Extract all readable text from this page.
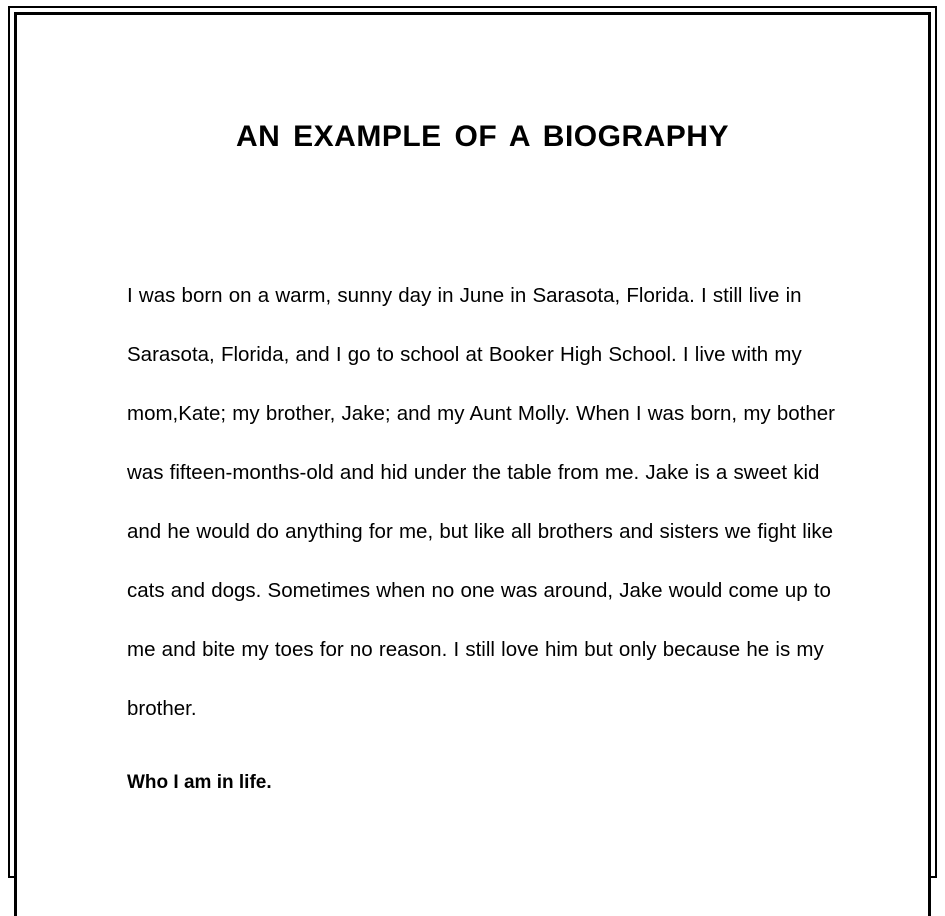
AN EXAMPLE OF A BIOGRAPHY

I was born on a warm, sunny day in June in Sarasota, Florida. I still live in Sarasota, Florida, and I go to school at Booker High School. I live with my mom,Kate; my brother, Jake; and my Aunt Molly. When I was born, my bother was fifteen-months-old and hid under the table from me. Jake is a sweet kid and he would do anything for me, but like all brothers and sisters we fight like cats and dogs. Sometimes when no one was around, Jake would come up to me and bite my toes for no reason. I still love him but only because he is my brother.

Who I am in life.
